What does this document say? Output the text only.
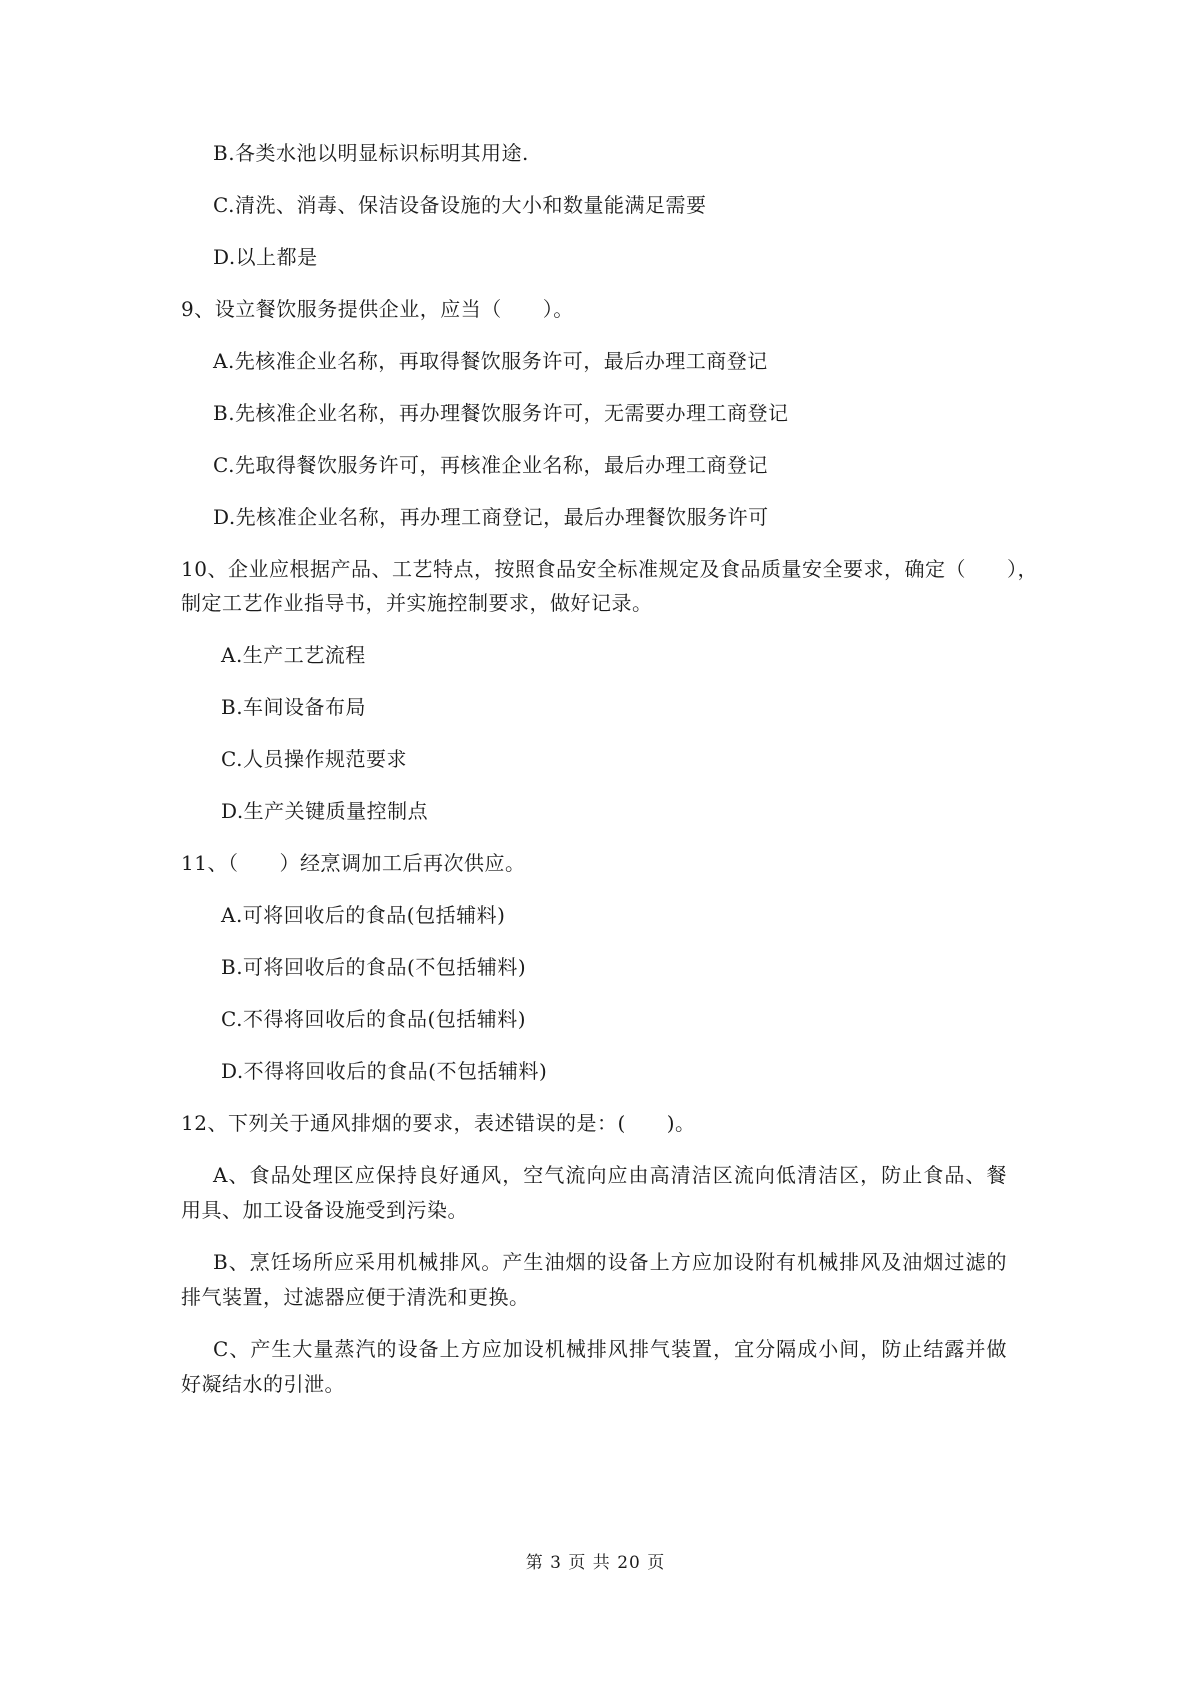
B.各类水池以明显标识标明其用途.
C.清洗、消毒、保洁设备设施的大小和数量能满足需要
D.以上都是
9、设立餐饮服务提供企业，应当（　　）。
A.先核准企业名称，再取得餐饮服务许可，最后办理工商登记
B.先核准企业名称，再办理餐饮服务许可，无需要办理工商登记
C.先取得餐饮服务许可，再核准企业名称，最后办理工商登记
D.先核准企业名称，再办理工商登记，最后办理餐饮服务许可
10、企业应根据产品、工艺特点，按照食品安全标准规定及食品质量安全要求，确定（　　），
制定工艺作业指导书，并实施控制要求，做好记录。
A.生产工艺流程
B.车间设备布局
C.人员操作规范要求
D.生产关键质量控制点
11、（　　）经烹调加工后再次供应。
A.可将回收后的食品(包括辅料)
B.可将回收后的食品(不包括辅料)
C.不得将回收后的食品(包括辅料)
D.不得将回收后的食品(不包括辅料)
12、下列关于通风排烟的要求，表述错误的是：(　　)。
A、食品处理区应保持良好通风，空气流向应由高清洁区流向低清洁区，防止食品、餐
用具、加工设备设施受到污染。
B、烹饪场所应采用机械排风。产生油烟的设备上方应加设附有机械排风及油烟过滤的
排气装置，过滤器应便于清洗和更换。
C、产生大量蒸汽的设备上方应加设机械排风排气装置，宜分隔成小间，防止结露并做
好凝结水的引泄。
第 3 页 共 20 页
